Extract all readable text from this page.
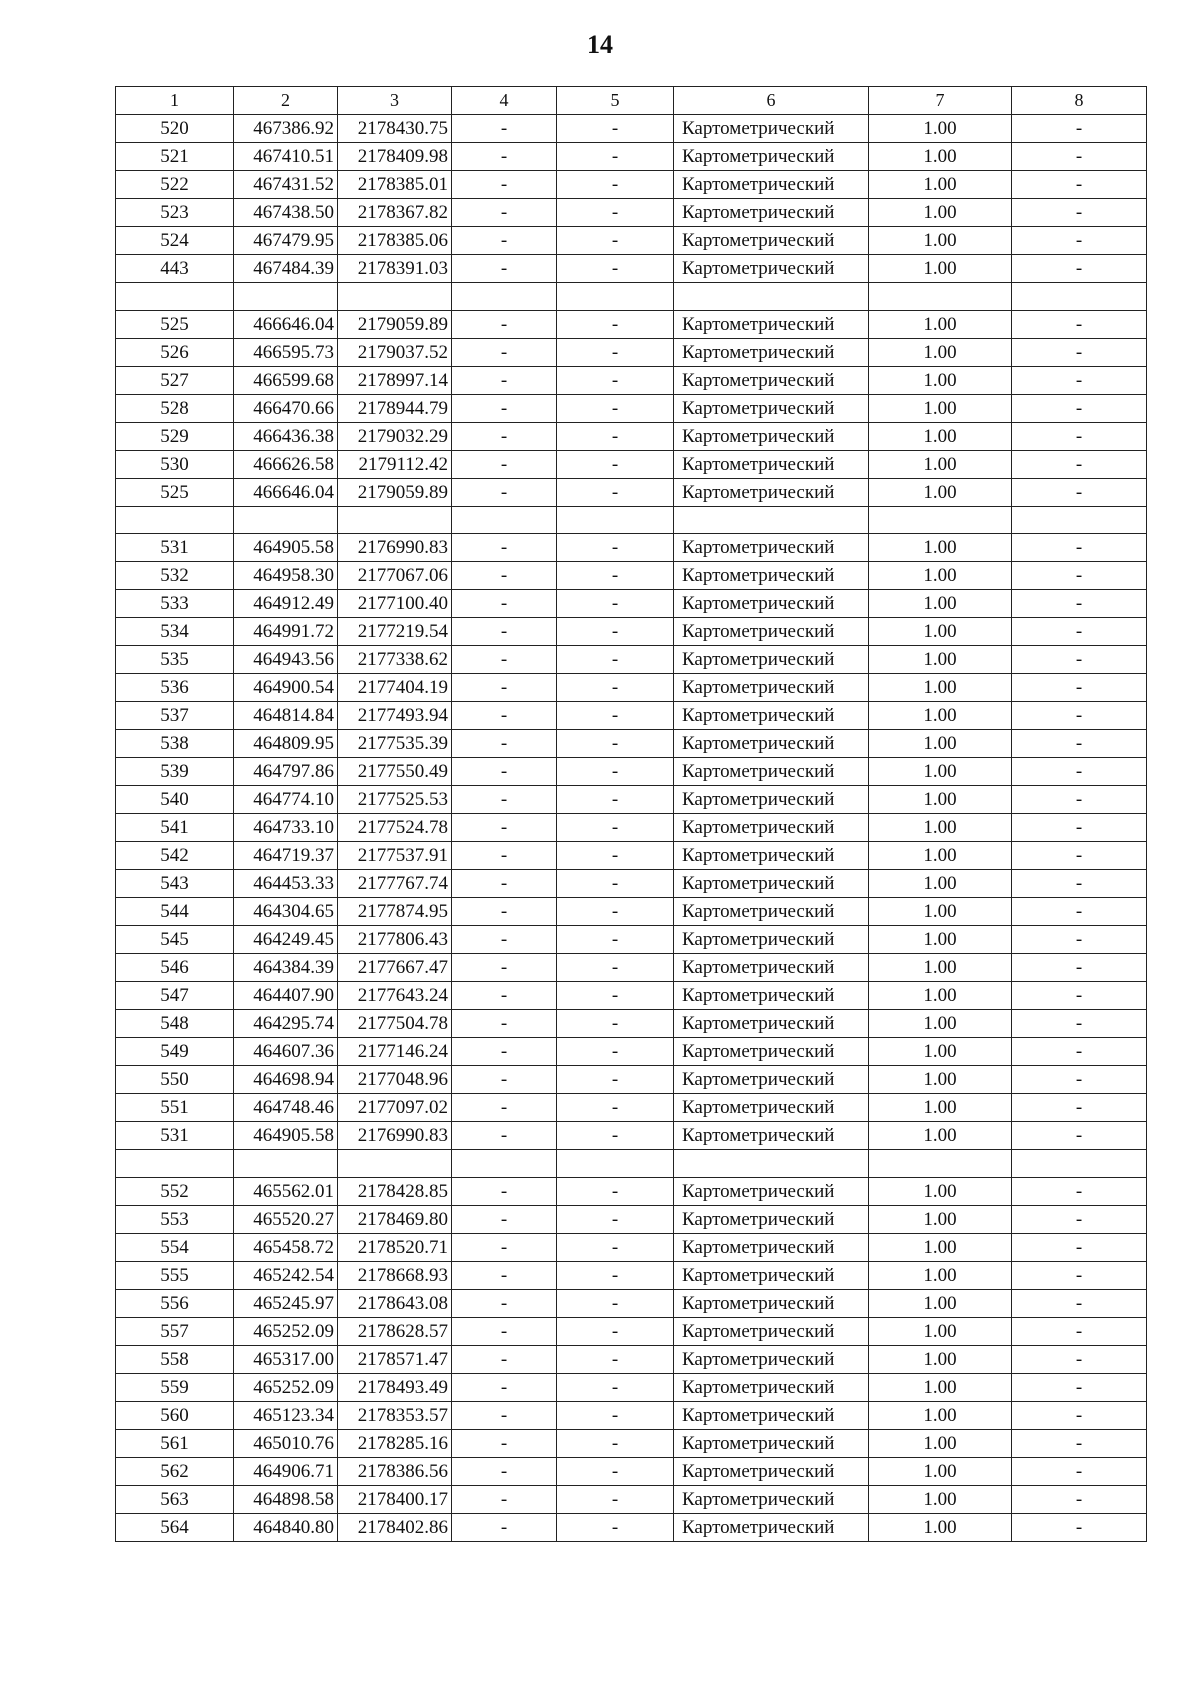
14
1	2	3	4	5	6	7	8
520	467386.92	2178430.75	-	-	Картометрический	1.00	-
521	467410.51	2178409.98	-	-	Картометрический	1.00	-
522	467431.52	2178385.01	-	-	Картометрический	1.00	-
523	467438.50	2178367.82	-	-	Картометрический	1.00	-
524	467479.95	2178385.06	-	-	Картометрический	1.00	-
443	467484.39	2178391.03	-	-	Картометрический	1.00	-

525	466646.04	2179059.89	-	-	Картометрический	1.00	-
526	466595.73	2179037.52	-	-	Картометрический	1.00	-
527	466599.68	2178997.14	-	-	Картометрический	1.00	-
528	466470.66	2178944.79	-	-	Картометрический	1.00	-
529	466436.38	2179032.29	-	-	Картометрический	1.00	-
530	466626.58	2179112.42	-	-	Картометрический	1.00	-
525	466646.04	2179059.89	-	-	Картометрический	1.00	-

531	464905.58	2176990.83	-	-	Картометрический	1.00	-
532	464958.30	2177067.06	-	-	Картометрический	1.00	-
533	464912.49	2177100.40	-	-	Картометрический	1.00	-
534	464991.72	2177219.54	-	-	Картометрический	1.00	-
535	464943.56	2177338.62	-	-	Картометрический	1.00	-
536	464900.54	2177404.19	-	-	Картометрический	1.00	-
537	464814.84	2177493.94	-	-	Картометрический	1.00	-
538	464809.95	2177535.39	-	-	Картометрический	1.00	-
539	464797.86	2177550.49	-	-	Картометрический	1.00	-
540	464774.10	2177525.53	-	-	Картометрический	1.00	-
541	464733.10	2177524.78	-	-	Картометрический	1.00	-
542	464719.37	2177537.91	-	-	Картометрический	1.00	-
543	464453.33	2177767.74	-	-	Картометрический	1.00	-
544	464304.65	2177874.95	-	-	Картометрический	1.00	-
545	464249.45	2177806.43	-	-	Картометрический	1.00	-
546	464384.39	2177667.47	-	-	Картометрический	1.00	-
547	464407.90	2177643.24	-	-	Картометрический	1.00	-
548	464295.74	2177504.78	-	-	Картометрический	1.00	-
549	464607.36	2177146.24	-	-	Картометрический	1.00	-
550	464698.94	2177048.96	-	-	Картометрический	1.00	-
551	464748.46	2177097.02	-	-	Картометрический	1.00	-
531	464905.58	2176990.83	-	-	Картометрический	1.00	-

552	465562.01	2178428.85	-	-	Картометрический	1.00	-
553	465520.27	2178469.80	-	-	Картометрический	1.00	-
554	465458.72	2178520.71	-	-	Картометрический	1.00	-
555	465242.54	2178668.93	-	-	Картометрический	1.00	-
556	465245.97	2178643.08	-	-	Картометрический	1.00	-
557	465252.09	2178628.57	-	-	Картометрический	1.00	-
558	465317.00	2178571.47	-	-	Картометрический	1.00	-
559	465252.09	2178493.49	-	-	Картометрический	1.00	-
560	465123.34	2178353.57	-	-	Картометрический	1.00	-
561	465010.76	2178285.16	-	-	Картометрический	1.00	-
562	464906.71	2178386.56	-	-	Картометрический	1.00	-
563	464898.58	2178400.17	-	-	Картометрический	1.00	-
564	464840.80	2178402.86	-	-	Картометрический	1.00	-
